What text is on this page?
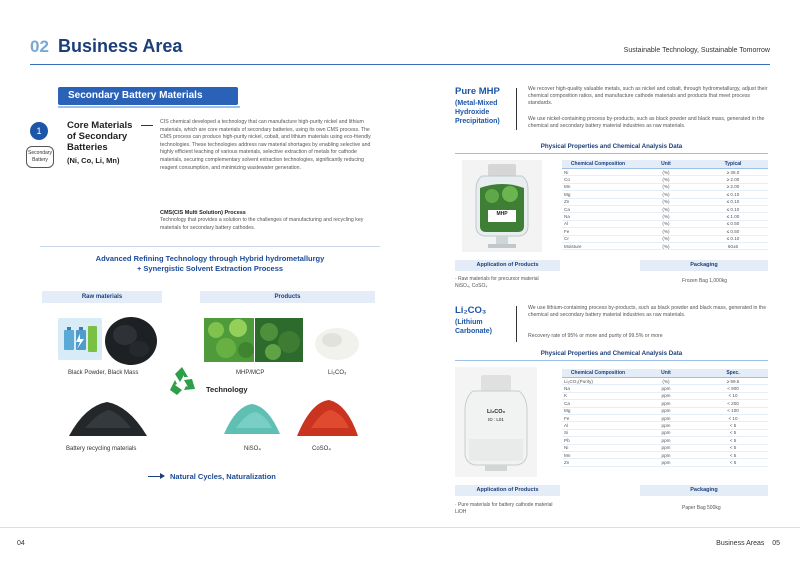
02 Business Area	Sustainable Technology, Sustainable Tomorrow
Secondary Battery Materials
1
Secondary
Battery
Core Materials
of Secondary
Batteries
(Ni, Co, Li, Mn)
CIS chemical developed a technology that can manufacture high-purity nickel and lithium materials, which are core materials of secondary batteries, using its own CMS process. The CMS process can produce high-purity nickel, cobalt, and lithium materials using eco-friendly technologies. These technologies address raw material shortages by enabling selective and highly efficient leaching of various materials, selective extraction of metals for cathode materials, securing complementary solvent extraction technologies, significantly reducing reagent consumption, and minimizing wastewater generation.
CMS(CIS Multi Solution) Process
Technology that provides a solution to the challenges of manufacturing and recycling key materials for secondary battery cathodes.
Advanced Refining Technology through Hybrid hydrometallurgy
+ Synergistic Solvent Extraction Process
Raw materials	Products
Black Powder, Black Mass
Battery recycling materials
Technology
MHP/MCP	Li₂CO₃
NiSO₄	CoSO₄
Natural Cycles, Naturalization
Pure MHP
(Metal-Mixed
Hydroxide
Precipitation)
We recover high-quality valuable metals, such as nickel and cobalt, through hydrometallurgy, adjust their chemical composition ratios, and manufacture cathode materials and products that meet process standards.
We use nickel-containing process by-products, such as black powder and black mass, generated in the chemical and secondary battery material industries as raw materials.
Physical Properties and Chemical Analysis Data
MHP
Chemical Composition	Unit	Typical
Ni	(%)	≥ 36.0
Co	(%)	≥ 2.00
Mn	(%)	≥ 2.00
Mg	(%)	≤ 0.10
Zn	(%)	≤ 0.10
Ca	(%)	≤ 0.10
Na	(%)	≤ 1.00
Al	(%)	≤ 0.50
Fe	(%)	≤ 0.50
Cr	(%)	≤ 0.10
Moisture	(%)	60±5
Application of Products	Packaging
· Raw materials for precursor material
NiSO₄, CoSO₄
Frozen Bag 1,000kg
Li₂CO₃
(Lithium
Carbonate)
We use lithium-containing process by-products, such as black powder and black mass, generated in the chemical and secondary battery material industries as raw materials.
Recovery rate of 95% or more and purity of 99.5% or more
Physical Properties and Chemical Analysis Data
Li₂CO₃
ID : L01
Chemical Composition	Unit	Spec.
Li₂CO₃(Purity)	(%)	≥ 99.5
Na	ppm	< 900
K	ppm	< 10
Ca	ppm	< 200
Mg	ppm	< 100
Fe	ppm	< 10
Al	ppm	< 5
Si	ppm	< 5
Pb	ppm	< 5
Ni	ppm	< 5
Mn	ppm	< 5
Zn	ppm	< 5
Application of Products	Packaging
· Pure materials for battery cathode material
LiOH
Paper Bag 500kg
04	Business Areas 05
